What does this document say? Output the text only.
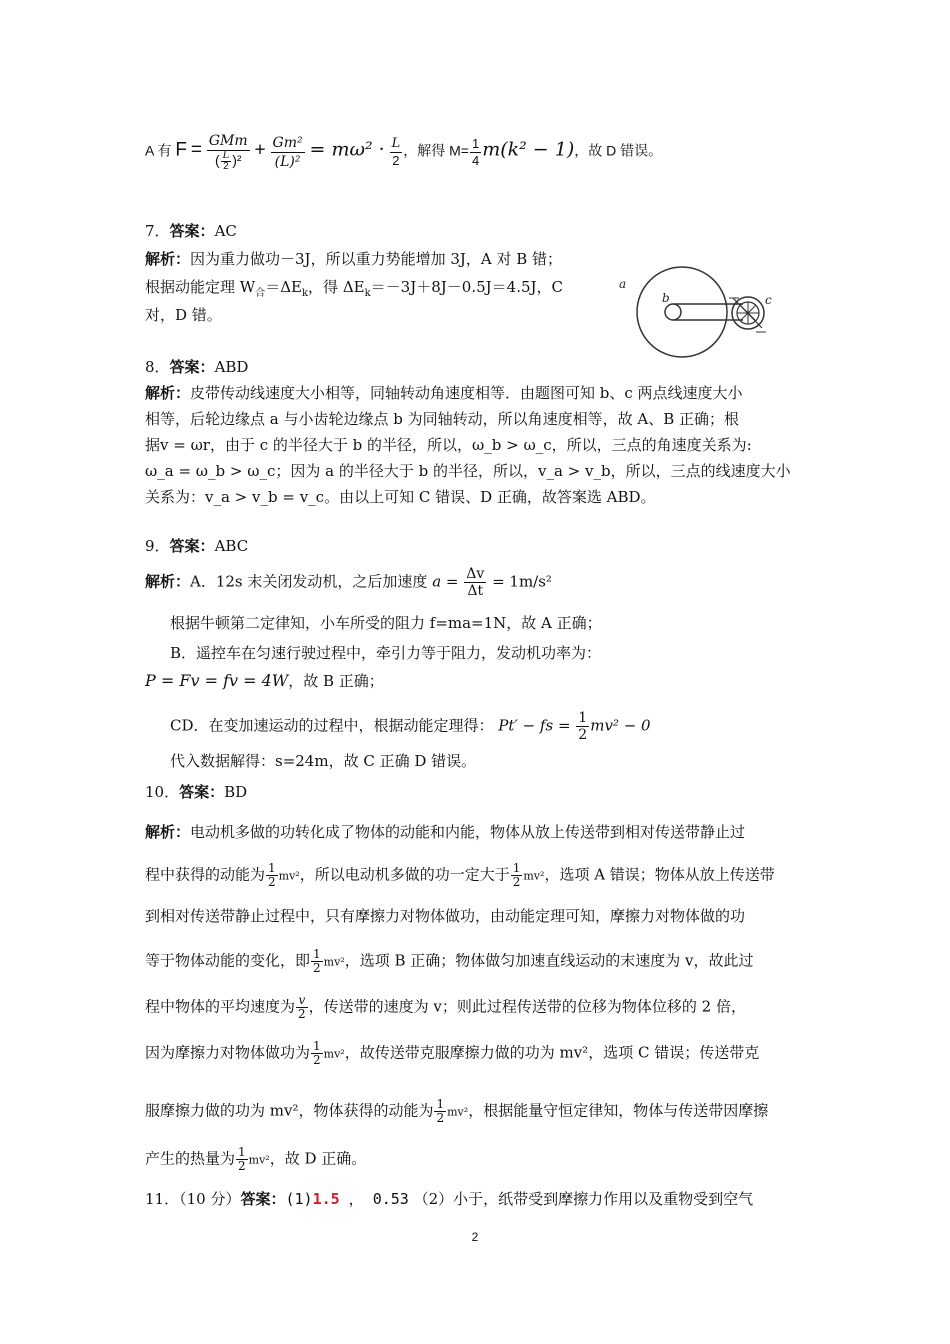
A 有 $F = \frac{\text{GMm}}{( \frac{L}{2} )^2} + \frac{\text{Gm²}}{\text{(L)²}} = m\omega^2 \cdot \frac{L}{2}$ ，解得 $M= \frac{1}{4} m(k^2 - 1)$，故 D 错误。
7．答案：AC
解析：因为重力做功－3J，所以重力势能增加 3J，A 对 B 错；
根据动能定理 $W_合=\Delta E_k$，得 $\Delta E_k=-3J+8J-0.5J=4.5J$，C
对，D 错。
a
b	c
8．答案：ABD
解析：皮带传动线速度大小相等，同轴转动角速度相等．由题图可知 b、c 两点线速度大小
相等，后轮边缘点 a 与小齿轮边缘点 b 为同轴转动，所以角速度相等，故 A、B 正确；根
据v = ωr，由于 c 的半径大于 b 的半径，所以，ω_b > ω_c，所以，三点的角速度关系为:
ω_a = ω_b > ω_c；因为 a 的半径大于 b 的半径，所以，v_a > v_b，所以，三点的线速度大小
关系为：v_a > v_b = v_c。由以上可知 C 错误、D 正确，故答案选 ABD。
9．答案：ABC
解析：A．12s 末关闭发动机，之后加速度 $a = \frac{\Delta v}{\Delta t} = 1m/s^2$
根据牛顿第二定律知，小车所受的阻力 f=ma=1N，故 A 正确；
B．遥控车在匀速行驶过程中，牵引力等于阻力，发动机功率为：
P = Fv = fv = 4W，故 B 正确；
CD．在变加速运动的过程中，根据动能定理得： Pt′ − fs = $\frac{1}{2} mv^2 - 0$
代入数据解得：s=24m，故 C 正确 D 错误。
10．答案：BD
解析：电动机多做的功转化成了物体的动能和内能，物体从放上传送带到相对传送带静止过
程中获得的动能为 $\frac{1}{2} mv^2$，所以电动机多做的功一定大于 $\frac{1}{2} mv^2$，选项 A 错误；物体从放上传送带
到相对传送带静止过程中，只有摩擦力对物体做功，由动能定理可知，摩擦力对物体做的功
等于物体动能的变化，即 $\frac{1}{2} mv^2$，选项 B 正确；物体做匀加速直线运动的末速度为 v，故此过
程中物体的平均速度为 $\frac{v}{2}$ ，传送带的速度为 v；则此过程传送带的位移为物体位移的 2 倍，
因为摩擦力对物体做功为 $\frac{1}{2} mv^2$，故传送带克服摩擦力做的功为 mv²，选项 C 错误；传送带克
服摩擦力做的功为 mv²，物体获得的动能为 $\frac{1}{2} mv^2$，根据能量守恒定律知，物体与传送带因摩擦
产生的热量为 $\frac{1}{2} mv^2$，故 D 正确。
11．（10 分）答案：(1)1.5 ， 0.53 （2）小于，纸带受到摩擦力作用以及重物受到空气
2
